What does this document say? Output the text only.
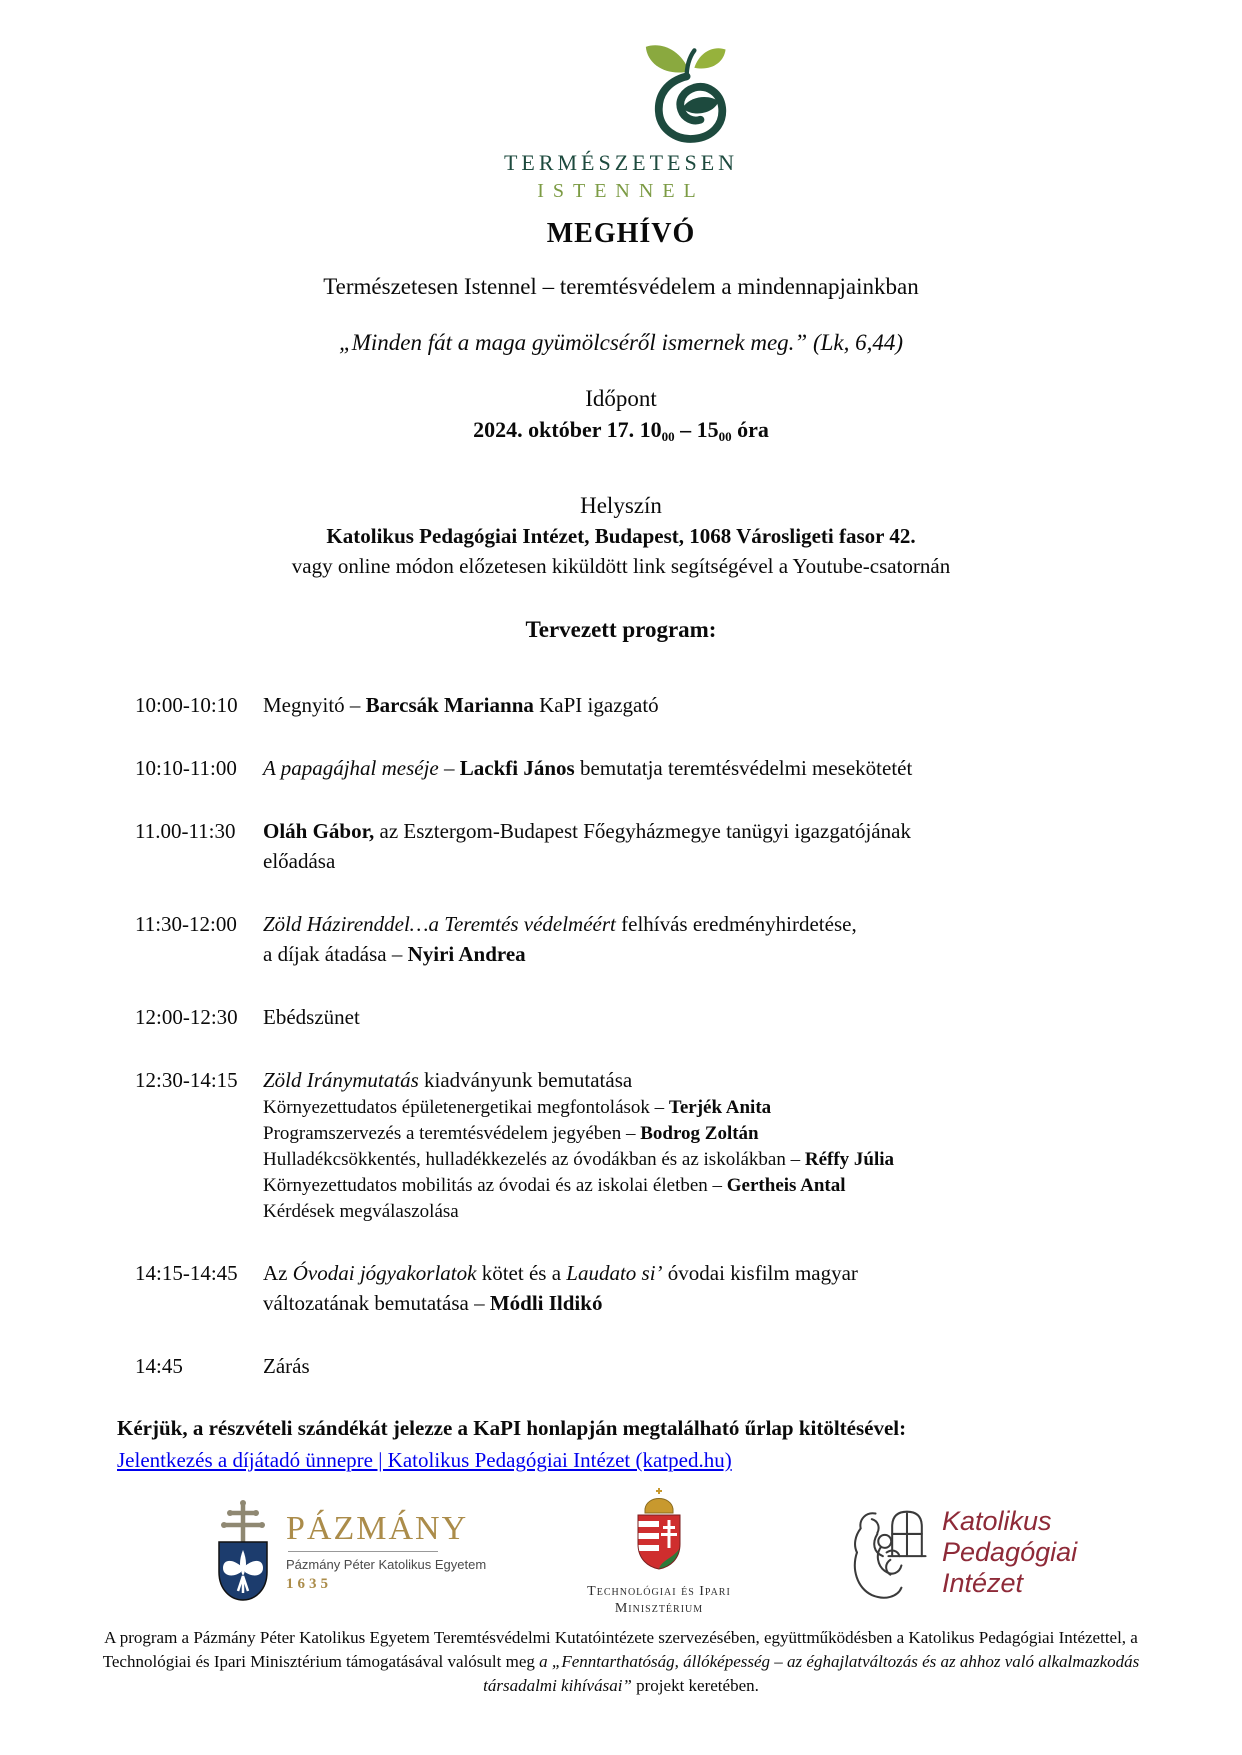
TERMÉSZETESEN
ISTENNEL
MEGHÍVÓ
Természetesen Istennel – teremtésvédelem a mindennapjainkban
„Minden fát a maga gyümölcséről ismernek meg.” (Lk, 6,44)
Időpont
2024. október 17. $10_{00} - 15_{00}$ óra
Helyszín
Katolikus Pedagógiai Intézet, Budapest, 1068 Városligeti fasor 42.
vagy online módon előzetesen kiküldött link segítségével a Youtube-csatornán
Tervezett program:
10:00-10:10	Megnyitó – Barcsák Marianna KaPI igazgató
10:10-11:00	A papagájhal meséje – Lackfi János bemutatja teremtésvédelmi mesekötetét
11.00-11:30	Oláh Gábor, az Esztergom-Budapest Főegyházmegye tanügyi igazgatójának
előadása
11:30-12:00	Zöld Házirenddel…a Teremtés védelméért felhívás eredményhirdetése,
a díjak átadása – Nyiri Andrea
12:00-12:30	Ebédszünet
12:30-14:15	Zöld Iránymutatás kiadványunk bemutatása
Környezettudatos épületenergetikai megfontolások – Terjék Anita
Programszervezés a teremtésvédelem jegyében – Bodrog Zoltán
Hulladékcsökkentés, hulladékkezelés az óvodákban és az iskolákban – Réffy Júlia
Környezettudatos mobilitás az óvodai és az iskolai életben – Gertheis Antal
Kérdések megválaszolása
14:15-14:45	Az Óvodai jógyakorlatok kötet és a Laudato si’ óvodai kisfilm magyar
változatának bemutatása – Módli Ildikó
14:45	Zárás
Kérjük, a részvételi szándékát jelezze a KaPI honlapján megtalálható űrlap kitöltésével:
Jelentkezés a díjátadó ünnepre | Katolikus Pedagógiai Intézet (katped.hu)
PÁZMÁNY
Pázmány Péter Katolikus Egyetem
1635	Technológiai és Ipari
Minisztérium
Katolikus
Pedagógiai
Intézet
A program a Pázmány Péter Katolikus Egyetem Teremtésvédelmi Kutatóintézete szervezésében, együttműködésben a Katolikus Pedagógiai Intézettel, a Technológiai és Ipari Minisztérium támogatásával valósult meg a „Fenntarthatóság, állóképesség – az éghajlatváltozás és az ahhoz való alkalmazkodás társadalmi kihívásai” projekt keretében.
